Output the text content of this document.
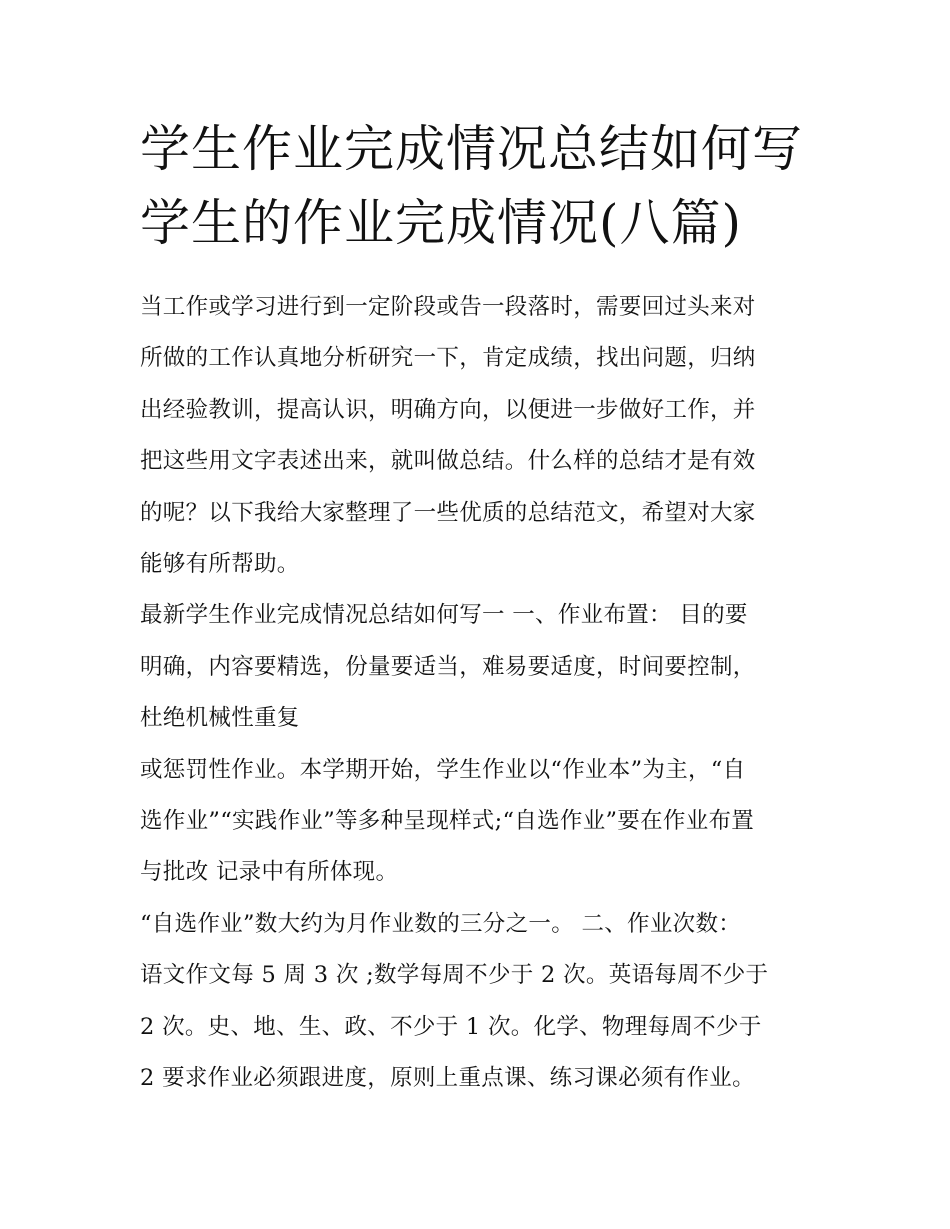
学生作业完成情况总结如何写
学生的作业完成情况(八篇)

当工作或学习进行到一定阶段或告一段落时，需要回过头来对
所做的工作认真地分析研究一下，肯定成绩，找出问题，归纳
出经验教训，提高认识，明确方向，以便进一步做好工作，并
把这些用文字表述出来，就叫做总结。什么样的总结才是有效
的呢？以下我给大家整理了一些优质的总结范文，希望对大家
能够有所帮助。

最新学生作业完成情况总结如何写一 一、作业布置： 目的要
明确，内容要精选，份量要适当，难易要适度，时间要控制，
杜绝机械性重复

或惩罚性作业。本学期开始，学生作业以“作业本”为主，“自
选作业”“实践作业”等多种呈现样式;“自选作业”要在作业布置
与批改 记录中有所体现。

“自选作业”数大约为月作业数的三分之一。 二、作业次数：
语文作文每 5 周 3 次 ;数学每周不少于 2 次。英语每周不少于
2 次。史、地、生、政、不少于 1 次。化学、物理每周不少于
2 要求作业必须跟进度，原则上重点课、练习课必须有作业。
